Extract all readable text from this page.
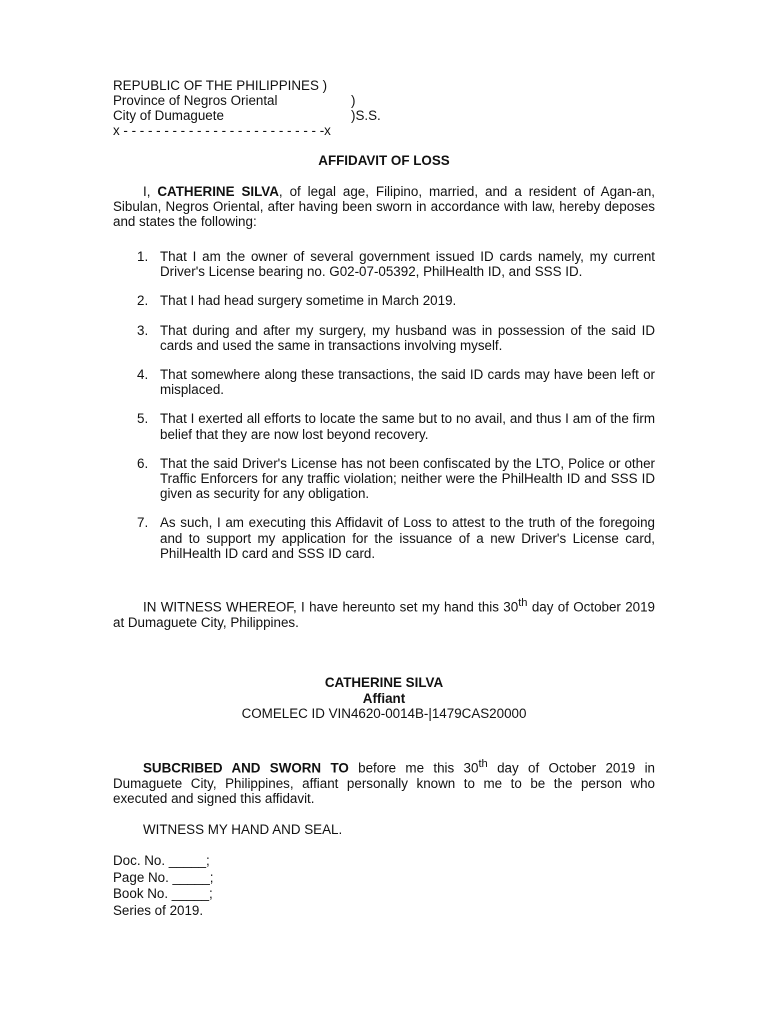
REPUBLIC OF THE PHILIPPINES )
Province of Negros Oriental	)
City of Dumaguete	)S.S.
x - - - - - - - - - - - - - - - - - - - - - - - - -x
AFFIDAVIT OF LOSS
I, CATHERINE SILVA, of legal age, Filipino, married, and a resident of Agan-an, Sibulan, Negros Oriental, after having been sworn in accordance with law, hereby deposes and states the following:
1. That I am the owner of several government issued ID cards namely, my current Driver's License bearing no. G02-07-05392, PhilHealth ID, and SSS ID.
2. That I had head surgery sometime in March 2019.
3. That during and after my surgery, my husband was in possession of the said ID cards and used the same in transactions involving myself.
4. That somewhere along these transactions, the said ID cards may have been left or misplaced.
5. That I exerted all efforts to locate the same but to no avail, and thus I am of the firm belief that they are now lost beyond recovery.
6. That the said Driver's License has not been confiscated by the LTO, Police or other Traffic Enforcers for any traffic violation; neither were the PhilHealth ID and SSS ID given as security for any obligation.
7. As such, I am executing this Affidavit of Loss to attest to the truth of the foregoing and to support my application for the issuance of a new Driver's License card, PhilHealth ID card and SSS ID card.
IN WITNESS WHEREOF, I have hereunto set my hand this 30th day of October 2019 at Dumaguete City, Philippines.
CATHERINE SILVA
Affiant
COMELEC ID VIN4620-0014B-|1479CAS20000
SUBCRIBED AND SWORN TO before me this 30th day of October 2019 in Dumaguete City, Philippines, affiant personally known to me to be the person who executed and signed this affidavit.
WITNESS MY HAND AND SEAL.
Doc. No. _____;
Page No. _____;
Book No. _____;
Series of 2019.
